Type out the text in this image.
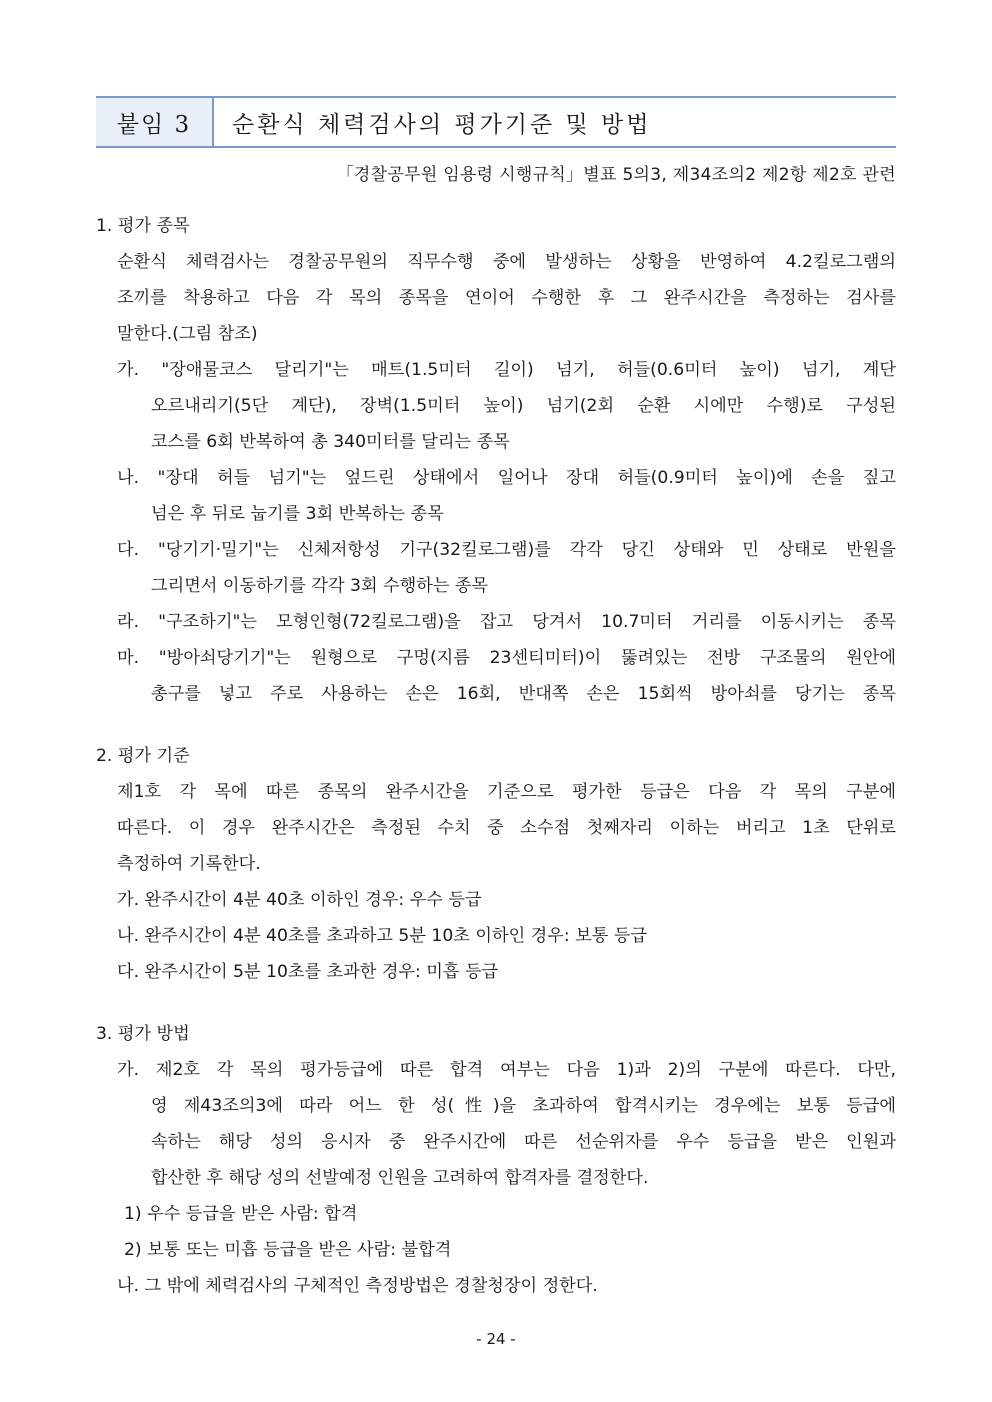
붙임 3	순환식 체력검사의 평가기준 및 방법
「경찰공무원 임용령 시행규칙」별표 5의3, 제34조의2 제2항 제2호 관련
1. 평가 종목
순환식 체력검사는 경찰공무원의 직무수행 중에 발생하는 상황을 반영하여 4.2킬로그램의
조끼를 착용하고 다음 각 목의 종목을 연이어 수행한 후 그 완주시간을 측정하는 검사를
말한다.(그림 참조)
가. "장애물코스 달리기"는 매트(1.5미터 길이) 넘기, 허들(0.6미터 높이) 넘기, 계단
오르내리기(5단 계단), 장벽(1.5미터 높이) 넘기(2회 순환 시에만 수행)로 구성된
코스를 6회 반복하여 총 340미터를 달리는 종목
나. "장대 허들 넘기"는 엎드린 상태에서 일어나 장대 허들(0.9미터 높이)에 손을 짚고
넘은 후 뒤로 눕기를 3회 반복하는 종목
다. "당기기·밀기"는 신체저항성 기구(32킬로그램)를 각각 당긴 상태와 민 상태로 반원을
그리면서 이동하기를 각각 3회 수행하는 종목
라. "구조하기"는 모형인형(72킬로그램)을 잡고 당겨서 10.7미터 거리를 이동시키는 종목
마. "방아쇠당기기"는 원형으로 구멍(지름 23센티미터)이 뚫려있는 전방 구조물의 원안에
총구를 넣고 주로 사용하는 손은 16회, 반대쪽 손은 15회씩 방아쇠를 당기는 종목
2. 평가 기준
제1호 각 목에 따른 종목의 완주시간을 기준으로 평가한 등급은 다음 각 목의 구분에
따른다. 이 경우 완주시간은 측정된 수치 중 소수점 첫째자리 이하는 버리고 1초 단위로
측정하여 기록한다.
가. 완주시간이 4분 40초 이하인 경우: 우수 등급
나. 완주시간이 4분 40초를 초과하고 5분 10초 이하인 경우: 보통 등급
다. 완주시간이 5분 10초를 초과한 경우: 미흡 등급
3. 평가 방법
가. 제2호 각 목의 평가등급에 따른 합격 여부는 다음 1)과 2)의 구분에 따른다. 다만,
영 제43조의3에 따라 어느 한 성(性)을 초과하여 합격시키는 경우에는 보통 등급에
속하는 해당 성의 응시자 중 완주시간에 따른 선순위자를 우수 등급을 받은 인원과
합산한 후 해당 성의 선발예정 인원을 고려하여 합격자를 결정한다.
1) 우수 등급을 받은 사람: 합격
2) 보통 또는 미흡 등급을 받은 사람: 불합격
나. 그 밖에 체력검사의 구체적인 측정방법은 경찰청장이 정한다.
- 24 -
